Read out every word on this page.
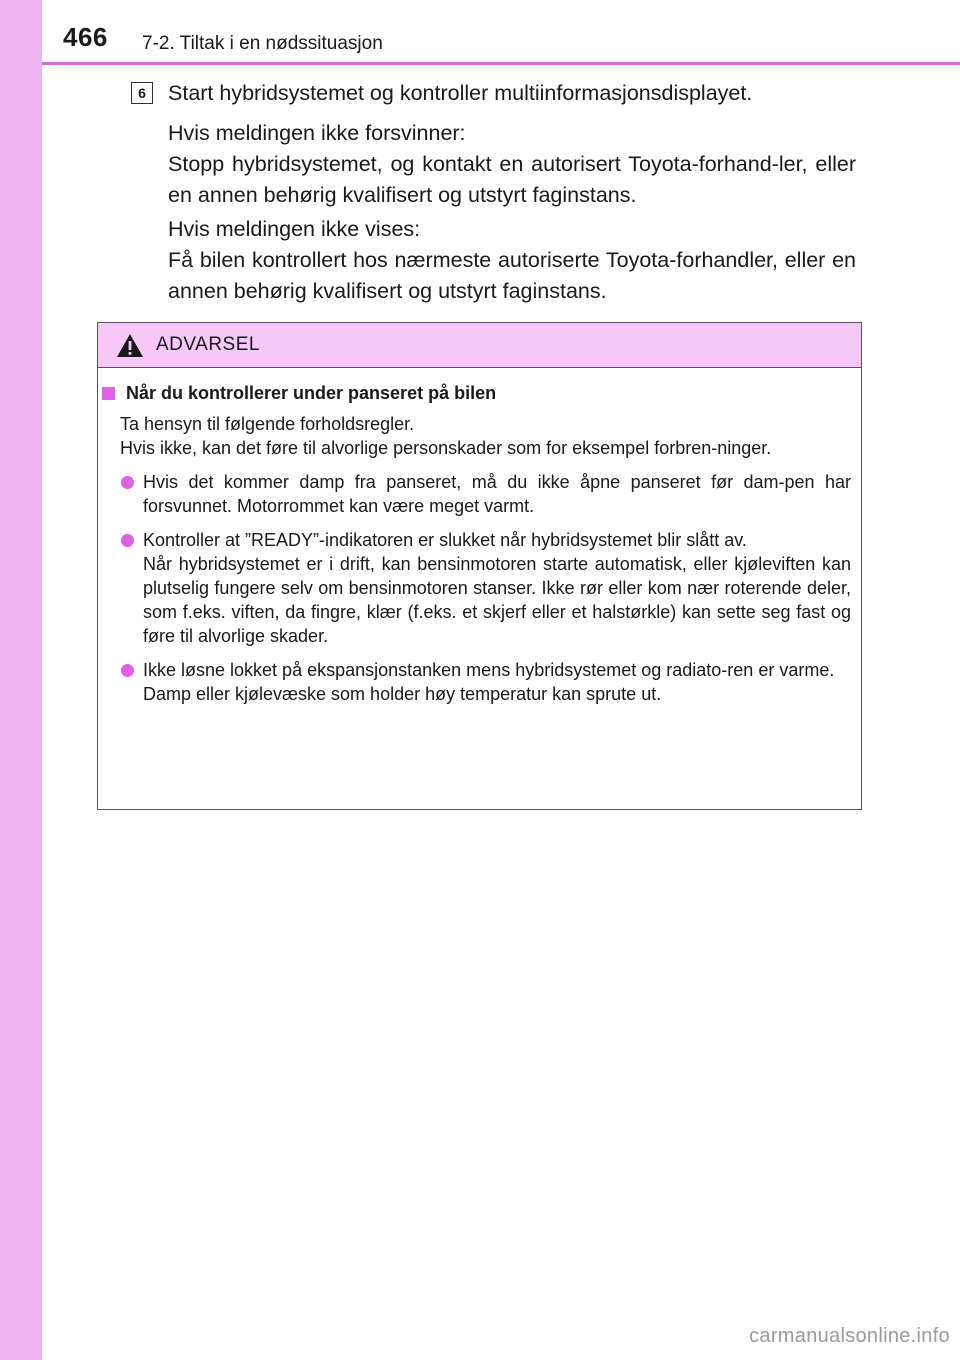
466 7-2. Tiltak i en nødssituasjon
6	Start hybridsystemet og kontroller multiinformasjonsdisplayet.

Hvis meldingen ikke forsvinner:

Stopp hybridsystemet, og kontakt en autorisert Toyota-forhand-ler, eller en annen behørig kvalifisert og utstyrt faginstans.

Hvis meldingen ikke vises:

Få bilen kontrollert hos nærmeste autoriserte Toyota-forhandler, eller en annen behørig kvalifisert og utstyrt faginstans.

ADVARSEL
Når du kontrollerer under panseret på bilen

Ta hensyn til følgende forholdsregler.

Hvis ikke, kan det føre til alvorlige personskader som for eksempel forbren-ninger.

Hvis det kommer damp fra panseret, må du ikke åpne panseret før dam-pen har forsvunnet. Motorrommet kan være meget varmt.

Kontroller at ”READY”-indikatoren er slukket når hybridsystemet blir slått av.

Når hybridsystemet er i drift, kan bensinmotoren starte automatisk, eller kjøleviften kan plutselig fungere selv om bensinmotoren stanser. Ikke rør eller kom nær roterende deler, som f.eks. viften, da fingre, klær (f.eks. et skjerf eller et halstørkle) kan sette seg fast og føre til alvorlige skader.

Ikke løsne lokket på ekspansjonstanken mens hybridsystemet og radiato-ren er varme.

Damp eller kjølevæske som holder høy temperatur kan sprute ut.

carmanualsonline.info
